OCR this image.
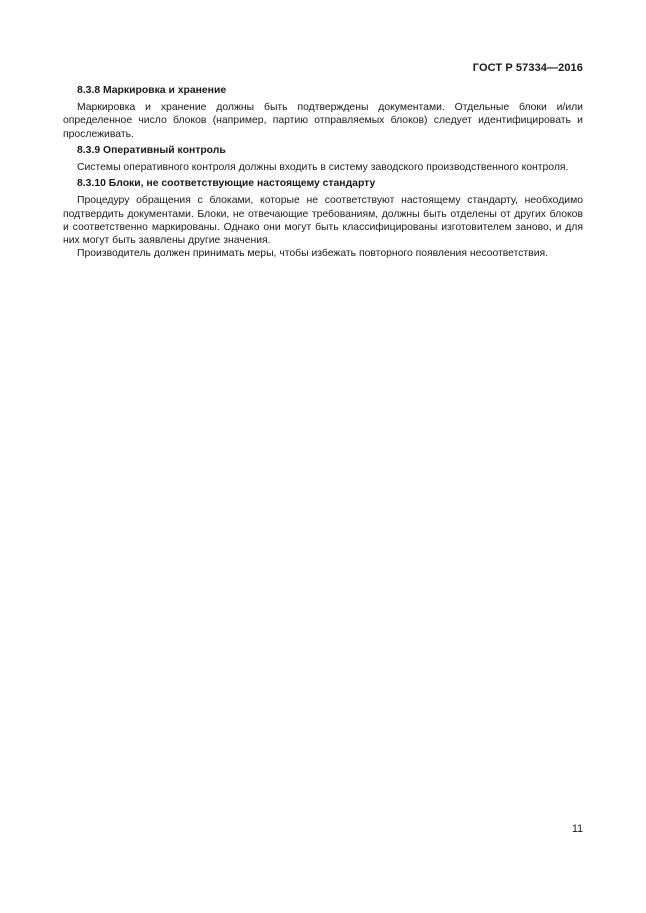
ГОСТ Р 57334—2016
8.3.8 Маркировка и хранение

Маркировка и хранение должны быть подтверждены документами. Отдельные блоки и/или определенное число блоков (например, партию отправляемых блоков) следует идентифицировать и прослеживать.

8.3.9 Оперативный контроль

Системы оперативного контроля должны входить в систему заводского производственного контроля.

8.3.10 Блоки, не соответствующие настоящему стандарту

Процедуру обращения с блоками, которые не соответствуют настоящему стандарту, необходимо подтвердить документами. Блоки, не отвечающие требованиям, должны быть отделены от других блоков и соответственно маркированы. Однако они могут быть классифицированы изготовителем заново, и для них могут быть заявлены другие значения.

Производитель должен принимать меры, чтобы избежать повторного появления несоответствия.

11
